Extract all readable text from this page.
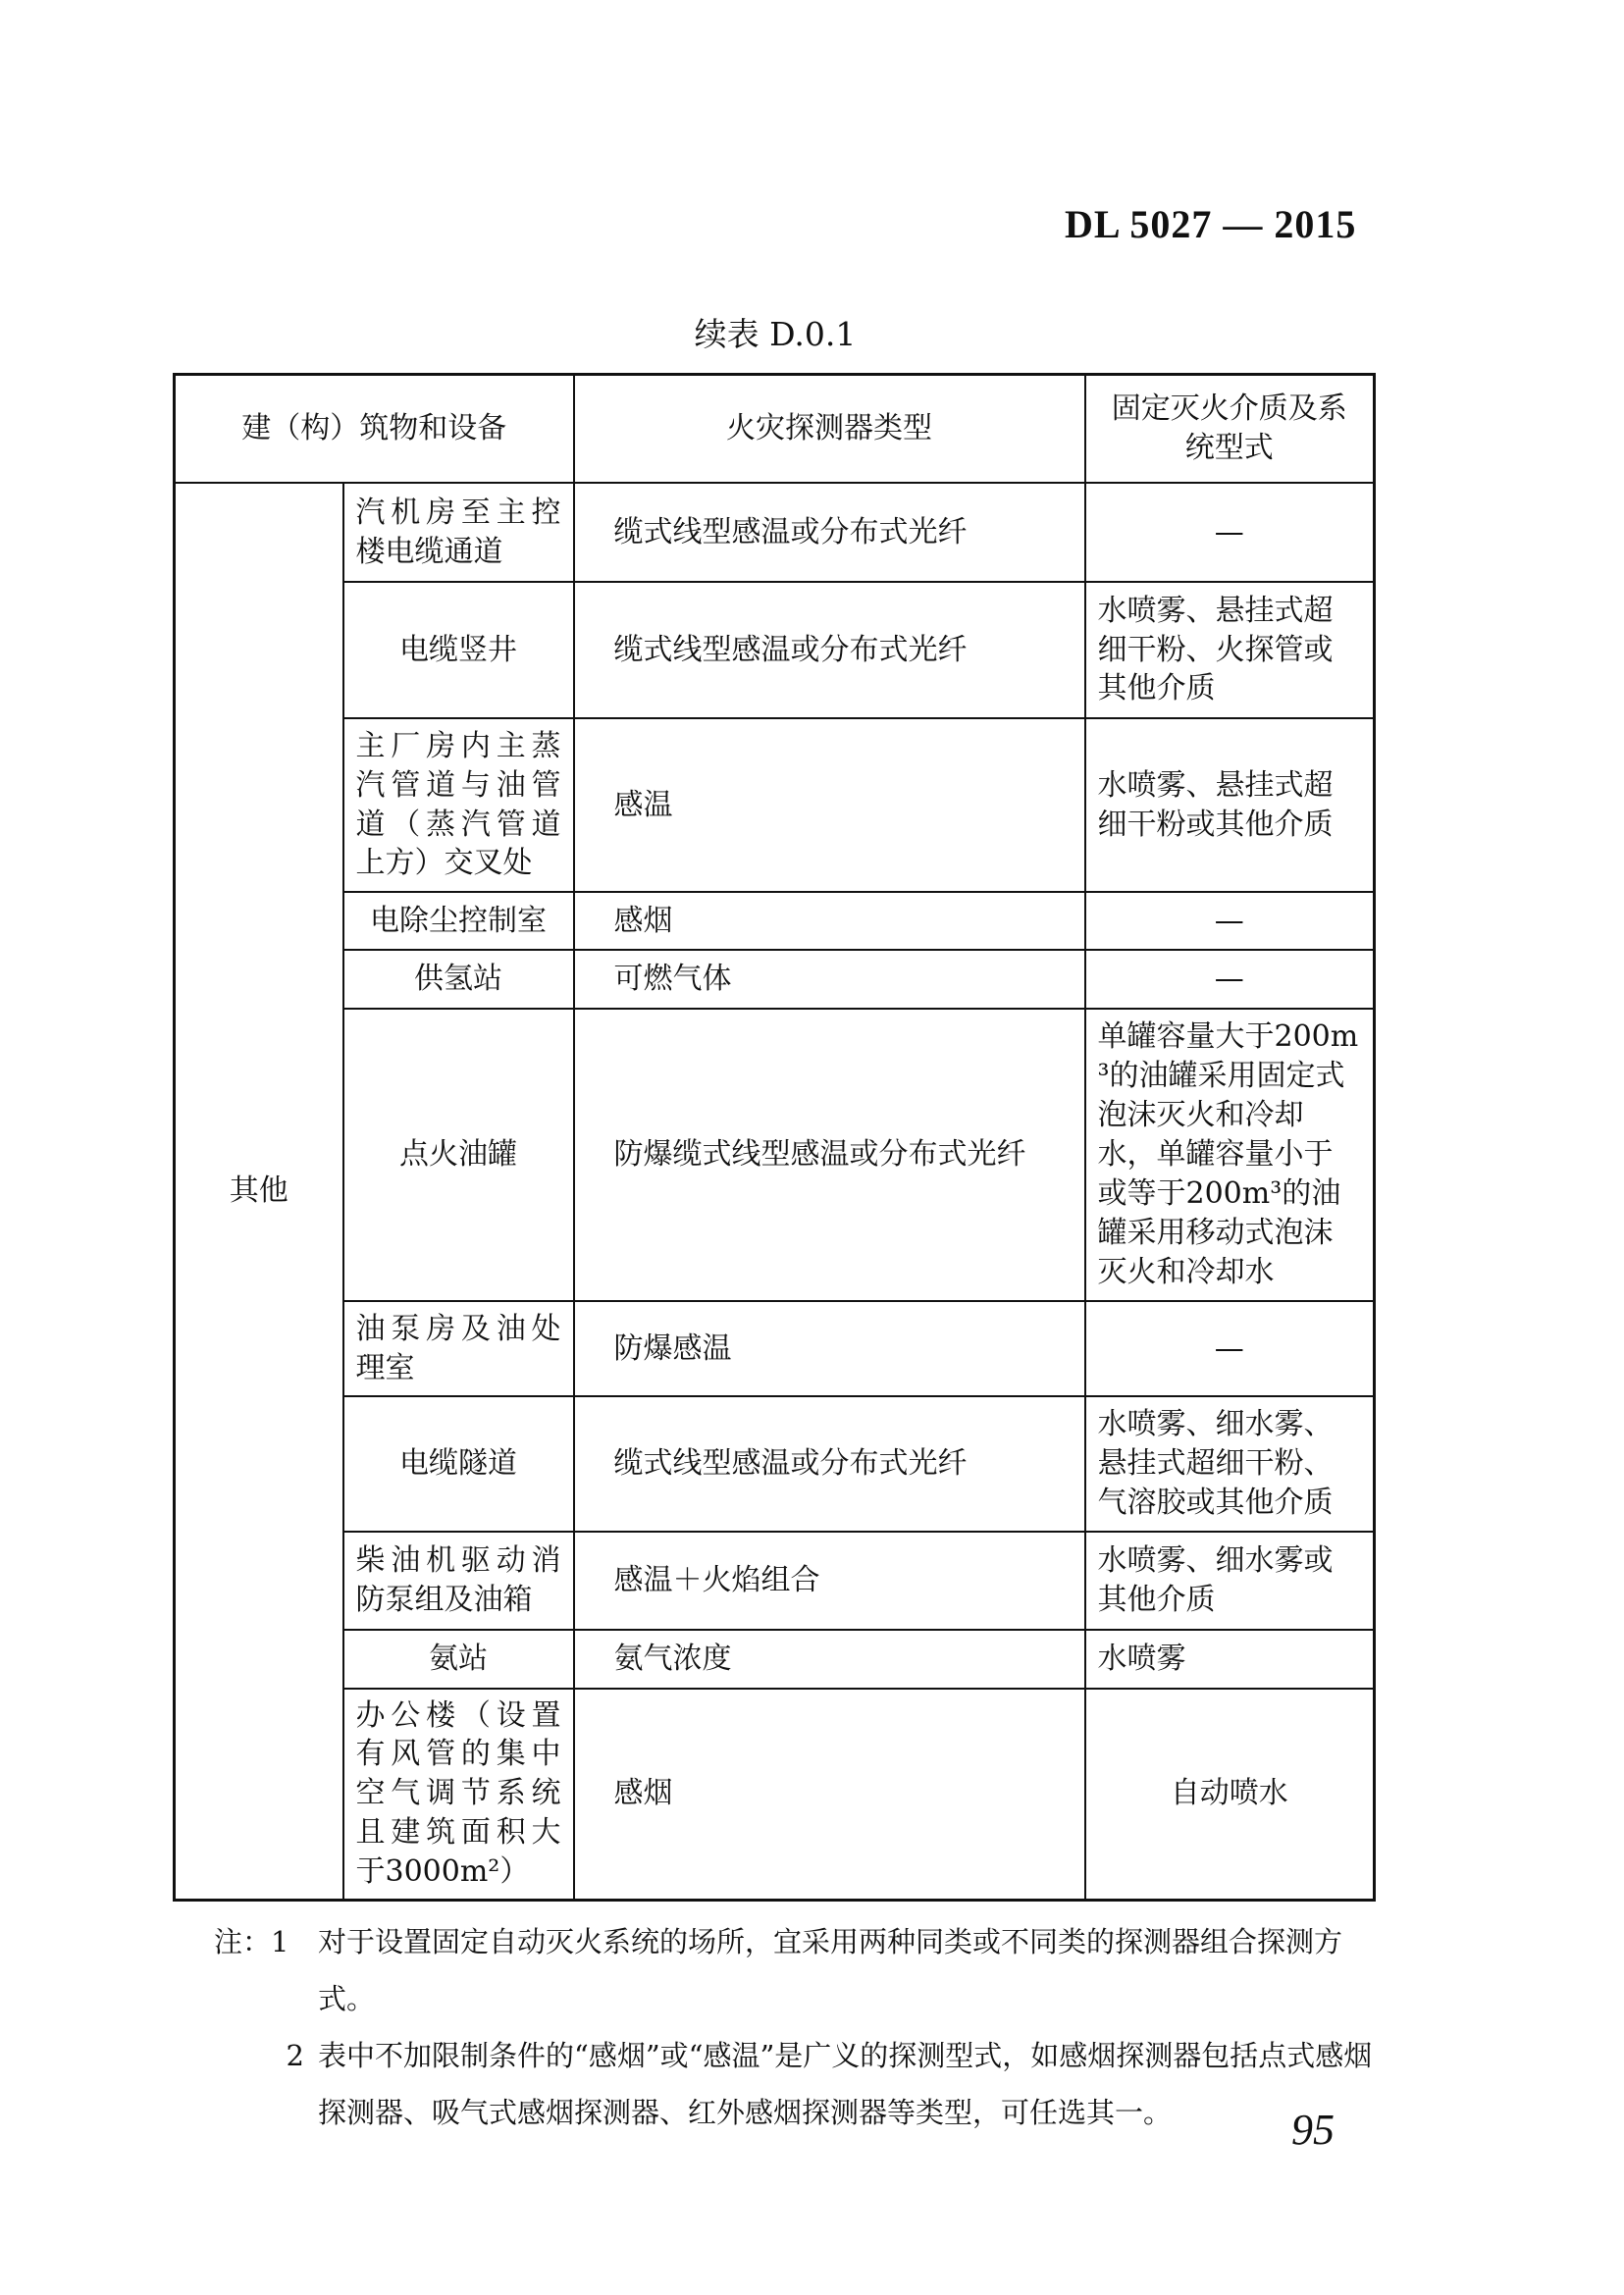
DL 5027 — 2015
续表 D.0.1
建（构）筑物和设备		火灾探测器类型	固定灭火介质及系统型式
其他	汽机房至主控楼电缆通道	缆式线型感温或分布式光纤	—
	电缆竖井	缆式线型感温或分布式光纤	水喷雾、悬挂式超细干粉、火探管或其他介质
	主厂房内主蒸汽管道与油管道（蒸汽管道上方）交叉处	感温	水喷雾、悬挂式超细干粉或其他介质
	电除尘控制室	感烟	—
	供氢站	可燃气体	—
	点火油罐	防爆缆式线型感温或分布式光纤	单罐容量大于200m³的油罐采用固定式泡沫灭火和冷却水，单罐容量小于或等于200m³的油罐采用移动式泡沫灭火和冷却水
	油泵房及油处理室	防爆感温	—
	电缆隧道	缆式线型感温或分布式光纤	水喷雾、细水雾、悬挂式超细干粉、气溶胶或其他介质
	柴油机驱动消防泵组及油箱	感温＋火焰组合	水喷雾、细水雾或其他介质
	氨站	氨气浓度	水喷雾
	办公楼（设置有风管的集中空气调节系统且建筑面积大于3000m²）	感烟	自动喷水
注：1	对于设置固定自动灭火系统的场所，宜采用两种同类或不同类的探测器组合探测方式。
2 表中不加限制条件的“感烟”或“感温”是广义的探测型式，如感烟探测器包括点式感烟探测器、吸气式感烟探测器、红外感烟探测器等类型，可任选其一。	95
